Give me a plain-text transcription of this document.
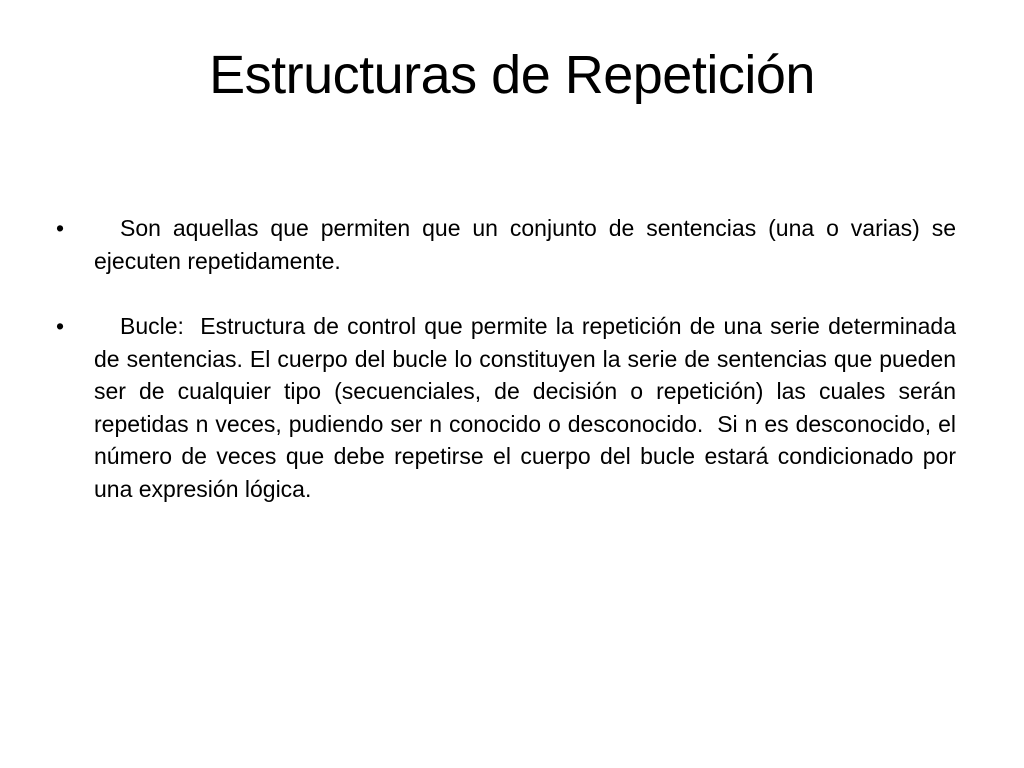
Estructuras de Repetición
•	Son aquellas que permiten que un conjunto de sentencias (una o varias) se ejecuten repetidamente.
•	Bucle:  Estructura de control que permite la repetición de una serie determinada de sentencias. El cuerpo del bucle lo constituyen la serie de sentencias que pueden ser de cualquier tipo (secuenciales, de decisión o repetición) las cuales serán repetidas n veces, pudiendo ser n conocido o desconocido.  Si n es desconocido, el número de veces que debe repetirse el cuerpo del bucle estará condicionado por una expresión lógica.
